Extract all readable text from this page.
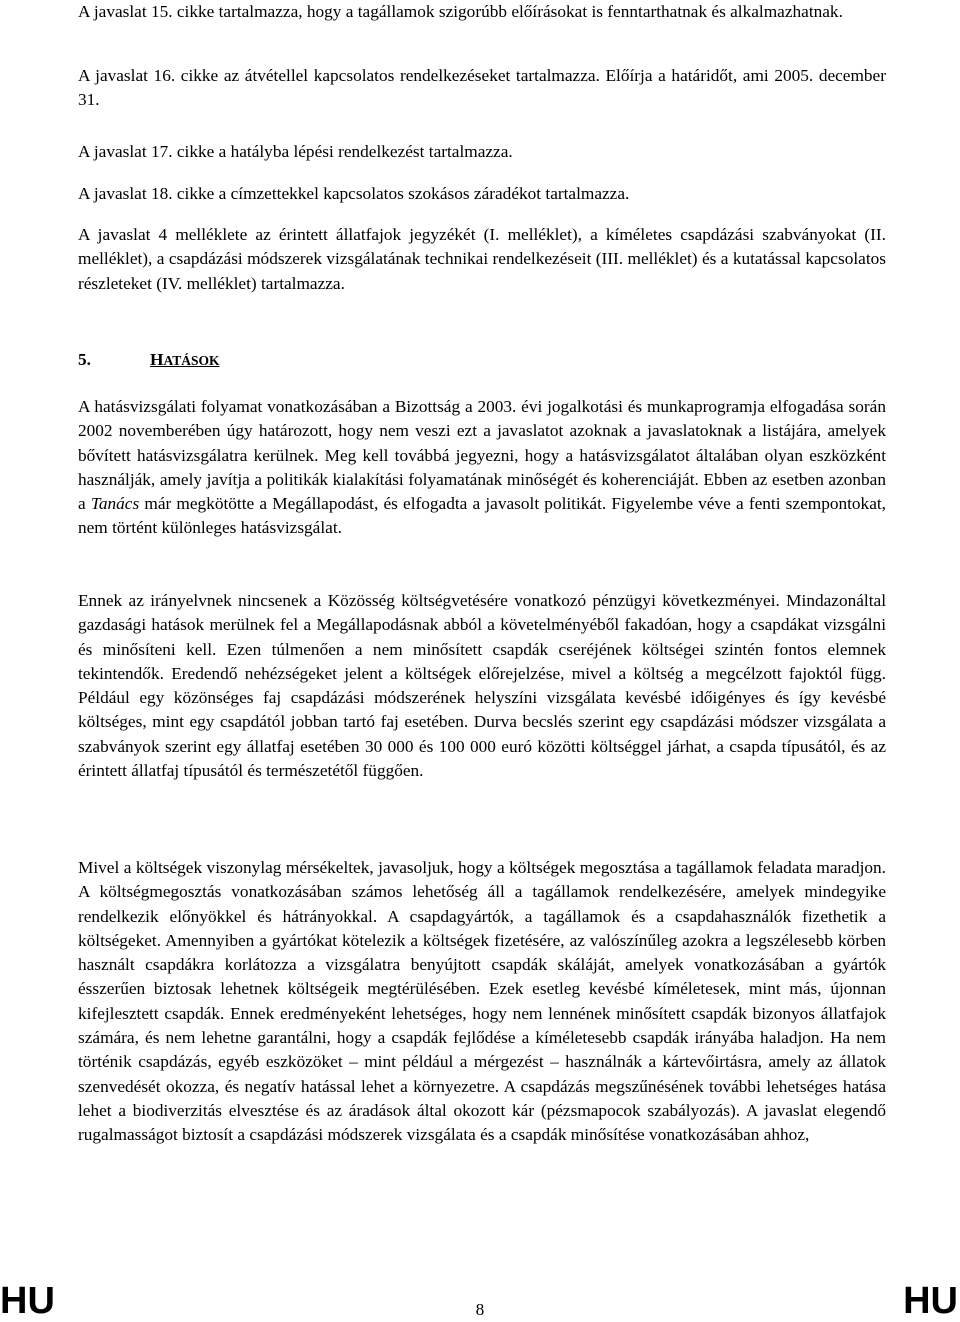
A javaslat 15. cikke tartalmazza, hogy a tagállamok szigorúbb előírásokat is fenntarthatnak és alkalmazhatnak.

A javaslat 16. cikke az átvétellel kapcsolatos rendelkezéseket tartalmazza. Előírja a határidőt, ami 2005. december 31.

A javaslat 17. cikke a hatályba lépési rendelkezést tartalmazza.

A javaslat 18. cikke a címzettekkel kapcsolatos szokásos záradékot tartalmazza.

A javaslat 4 melléklete az érintett állatfajok jegyzékét (I. melléklet), a kíméletes csapdázási szabványokat (II. melléklet), a csapdázási módszerek vizsgálatának technikai rendelkezéseit (III. melléklet) és a kutatással kapcsolatos részleteket (IV. melléklet) tartalmazza.

5.	HATÁSOK

A hatásvizsgálati folyamat vonatkozásában a Bizottság a 2003. évi jogalkotási és munkaprogramja elfogadása során 2002 novemberében úgy határozott, hogy nem veszi ezt a javaslatot azoknak a javaslatoknak a listájára, amelyek bővített hatásvizsgálatra kerülnek. Meg kell továbbá jegyezni, hogy a hatásvizsgálatot általában olyan eszközként használják, amely javítja a politikák kialakítási folyamatának minőségét és koherenciáját. Ebben az esetben azonban a Tanács már megkötötte a Megállapodást, és elfogadta a javasolt politikát. Figyelembe véve a fenti szempontokat, nem történt különleges hatásvizsgálat.

Ennek az irányelvnek nincsenek a Közösség költségvetésére vonatkozó pénzügyi következményei. Mindazonáltal gazdasági hatások merülnek fel a Megállapodásnak abból a követelményéből fakadóan, hogy a csapdákat vizsgálni és minősíteni kell. Ezen túlmenően a nem minősített csapdák cseréjének költségei szintén fontos elemnek tekintendők. Eredendő nehézségeket jelent a költségek előrejelzése, mivel a költség a megcélzott fajoktól függ. Például egy közönséges faj csapdázási módszerének helyszíni vizsgálata kevésbé időigényes és így kevésbé költséges, mint egy csapdától jobban tartó faj esetében. Durva becslés szerint egy csapdázási módszer vizsgálata a szabványok szerint egy állatfaj esetében 30 000 és 100 000 euró közötti költséggel járhat, a csapda típusától, és az érintett állatfaj típusától és természetétől függően.

Mivel a költségek viszonylag mérsékeltek, javasoljuk, hogy a költségek megosztása a tagállamok feladata maradjon. A költségmegosztás vonatkozásában számos lehetőség áll a tagállamok rendelkezésére, amelyek mindegyike rendelkezik előnyökkel és hátrányokkal. A csapdagyártók, a tagállamok és a csapdahasználók fizethetik a költségeket. Amennyiben a gyártókat kötelezik a költségek fizetésére, az valószínűleg azokra a legszélesebb körben használt csapdákra korlátozza a vizsgálatra benyújtott csapdák skáláját, amelyek vonatkozásában a gyártók ésszerűen biztosak lehetnek költségeik megtérülésében. Ezek esetleg kevésbé kíméletesek, mint más, újonnan kifejlesztett csapdák. Ennek eredményeként lehetséges, hogy nem lennének minősített csapdák bizonyos állatfajok számára, és nem lehetne garantálni, hogy a csapdák fejlődése a kíméletesebb csapdák irányába haladjon. Ha nem történik csapdázás, egyéb eszközöket – mint például a mérgezést – használnák a kártevőirtásra, amely az állatok szenvedését okozza, és negatív hatással lehet a környezetre. A csapdázás megszűnésének további lehetséges hatása lehet a biodiverzitás elvesztése és az áradások által okozott kár (pézsmapocok szabályozás). A javaslat elegendő rugalmasságot biztosít a csapdázási módszerek vizsgálata és a csapdák minősítése vonatkozásában ahhoz,

HU	8	HU
